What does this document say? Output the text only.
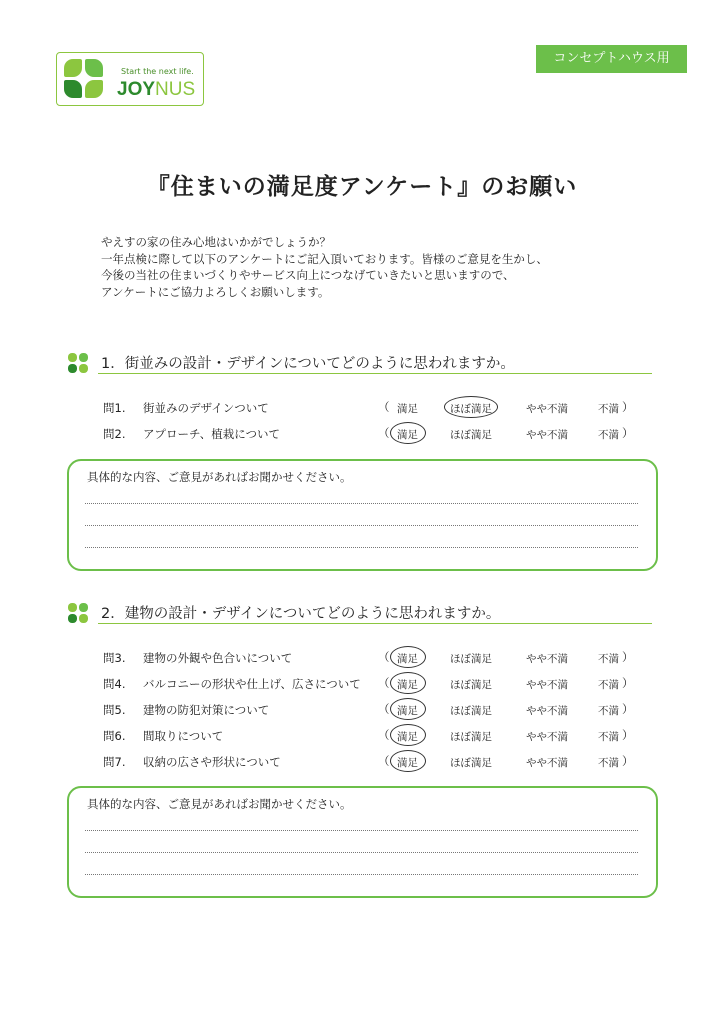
Start the next life.
JOYNUS
コンセプトハウス用
『住まいの満足度アンケート』のお願い
やえすの家の住み心地はいかがでしょうか？
一年点検に際して以下のアンケートにご記入頂いております。皆様のご意見を生かし、
今後の当社の住まいづくりやサービス向上につなげていきたいと思いますので、
アンケートにご協力よろしくお願いします。
1．街並みの設計・デザインについてどのように思われますか。
問1. 街並みのデザインついて	（ 満足	ほぼ満足	やや不満	不満 ）
問2. アプローチ、植栽について	（ 満足	ほぼ満足	やや不満	不満 ）
具体的な内容、ご意見があればお聞かせください。
2．建物の設計・デザインについてどのように思われますか。
問3. 建物の外観や色合いについて	（ 満足	ほぼ満足	やや不満	不満 ）
問4. バルコニーの形状や仕上げ、広さについて （ 満足	ほぼ満足	やや不満	不満 ）
問5. 建物の防犯対策について	（ 満足	ほぼ満足	やや不満	不満 ）
問6. 間取りについて	（ 満足	ほぼ満足	やや不満	不満 ）
問7. 収納の広さや形状について	（ 満足	ほぼ満足	やや不満	不満 ）
具体的な内容、ご意見があればお聞かせください。
